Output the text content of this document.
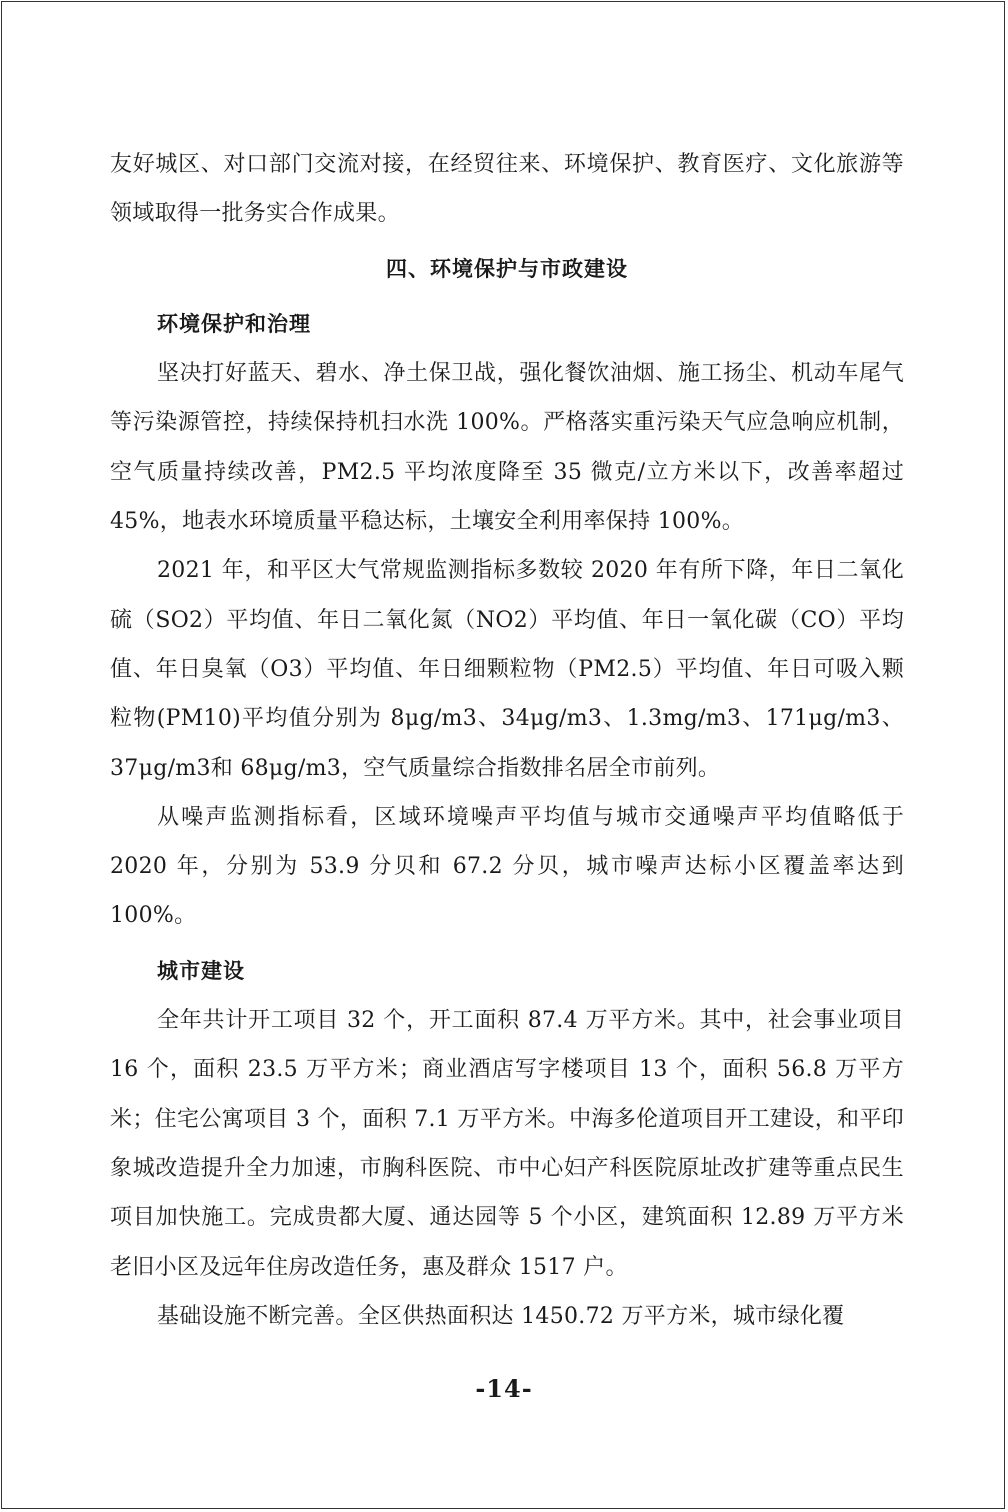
友好城区、对口部门交流对接，在经贸往来、环境保护、教育医疗、文化旅游等领域取得一批务实合作成果。

四、环境保护与市政建设
环境保护和治理

坚决打好蓝天、碧水、净土保卫战，强化餐饮油烟、施工扬尘、机动车尾气等污染源管控，持续保持机扫水洗 100%。严格落实重污染天气应急响应机制，空气质量持续改善，PM2.5 平均浓度降至 35 微克/立方米以下，改善率超过 45%，地表水环境质量平稳达标，土壤安全利用率保持 100%。

2021 年，和平区大气常规监测指标多数较 2020 年有所下降，年日二氧化硫（SO2）平均值、年日二氧化氮（NO2）平均值、年日一氧化碳（CO）平均值、年日臭氧（O3）平均值、年日细颗粒物（PM2.5）平均值、年日可吸入颗粒物(PM10)平均值分别为 8μg/m3、34μg/m3、1.3mg/m3、171μg/m3、37μg/m3和 68μg/m3，空气质量综合指数排名居全市前列。

从噪声监测指标看，区域环境噪声平均值与城市交通噪声平均值略低于 2020 年，分别为 53.9 分贝和 67.2 分贝，城市噪声达标小区覆盖率达到100%。

城市建设

全年共计开工项目 32 个，开工面积 87.4 万平方米。其中，社会事业项目 16 个，面积 23.5 万平方米；商业酒店写字楼项目 13 个，面积 56.8 万平方米；住宅公寓项目 3 个，面积 7.1 万平方米。中海多伦道项目开工建设，和平印象城改造提升全力加速，市胸科医院、市中心妇产科医院原址改扩建等重点民生项目加快施工。完成贵都大厦、通达园等 5 个小区，建筑面积 12.89 万平方米老旧小区及远年住房改造任务，惠及群众 1517 户。

基础设施不断完善。全区供热面积达 1450.72 万平方米，城市绿化覆

-14-
